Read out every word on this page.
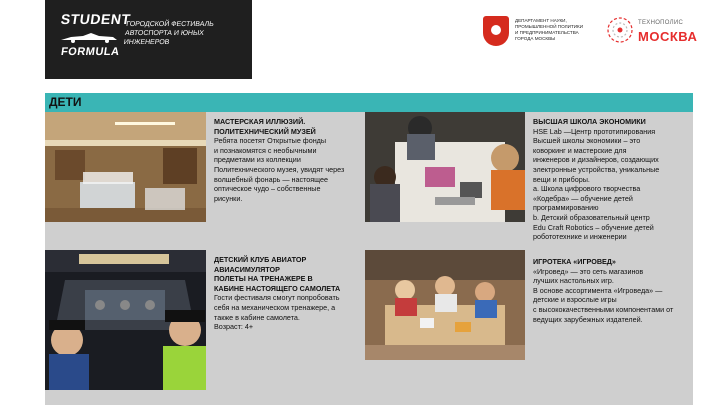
STUDENT
FORMULA
ГОРОДСКОЙ ФЕСТИВАЛЬ АВТОСПОРТА И ЮНЫХ ИНЖЕНЕРОВ
ДЕПАРТАМЕНТ НАУКИ,
ПРОМЫШЛЕННОЙ ПОЛИТИКИ
И ПРЕДПРИНИМАТЕЛЬСТВА
ГОРОДА МОСКВЫ
ТЕХНОПОЛИС
МОСКВА
ДЕТИ
МАСТЕРСКАЯ ИЛЛЮЗИЙ.
ПОЛИТЕХНИЧЕСКИЙ МУЗЕЙ
Ребята посетят Открытые фонды
и познакомятся с необычными
предметами из коллекции
Политехнического музея, увидят через
волшебный фонарь — настоящее
оптическое чудо – собственные
рисунки.
ВЫСШАЯ ШКОЛА ЭКОНОМИКИ
HSE Lab —Центр прототипирования
Высшей школы экономики – это
коворкинг и мастерские для
инженеров и дизайнеров, создающих
электронные устройства, уникальные
вещи и приборы.
a. Школа цифрового творчества
«Кодебра» — обучение детей
программированию
b. Детский образовательный центр
Edu Craft Robotics – обучение детей
робототехнике и инженерии
ДЕТСКИЙ КЛУБ АВИАТОР
АВИАСИМУЛЯТОР
ПОЛЕТЫ НА ТРЕНАЖЕРЕ В
КАБИНЕ НАСТОЯЩЕГО САМОЛЕТА
Гости фестиваля смогут попробовать
себя на механическом тренажере, а
также в кабине самолета.
Возраст: 4+
ИГРОТЕКА «ИГРОВЕД»
«Игровед» — это сеть магазинов
лучших настольных игр.
В основе ассортимента «Игроведа» —
детские и взрослые игры
с высококачественными компонентами от
ведущих зарубежных издателей.
